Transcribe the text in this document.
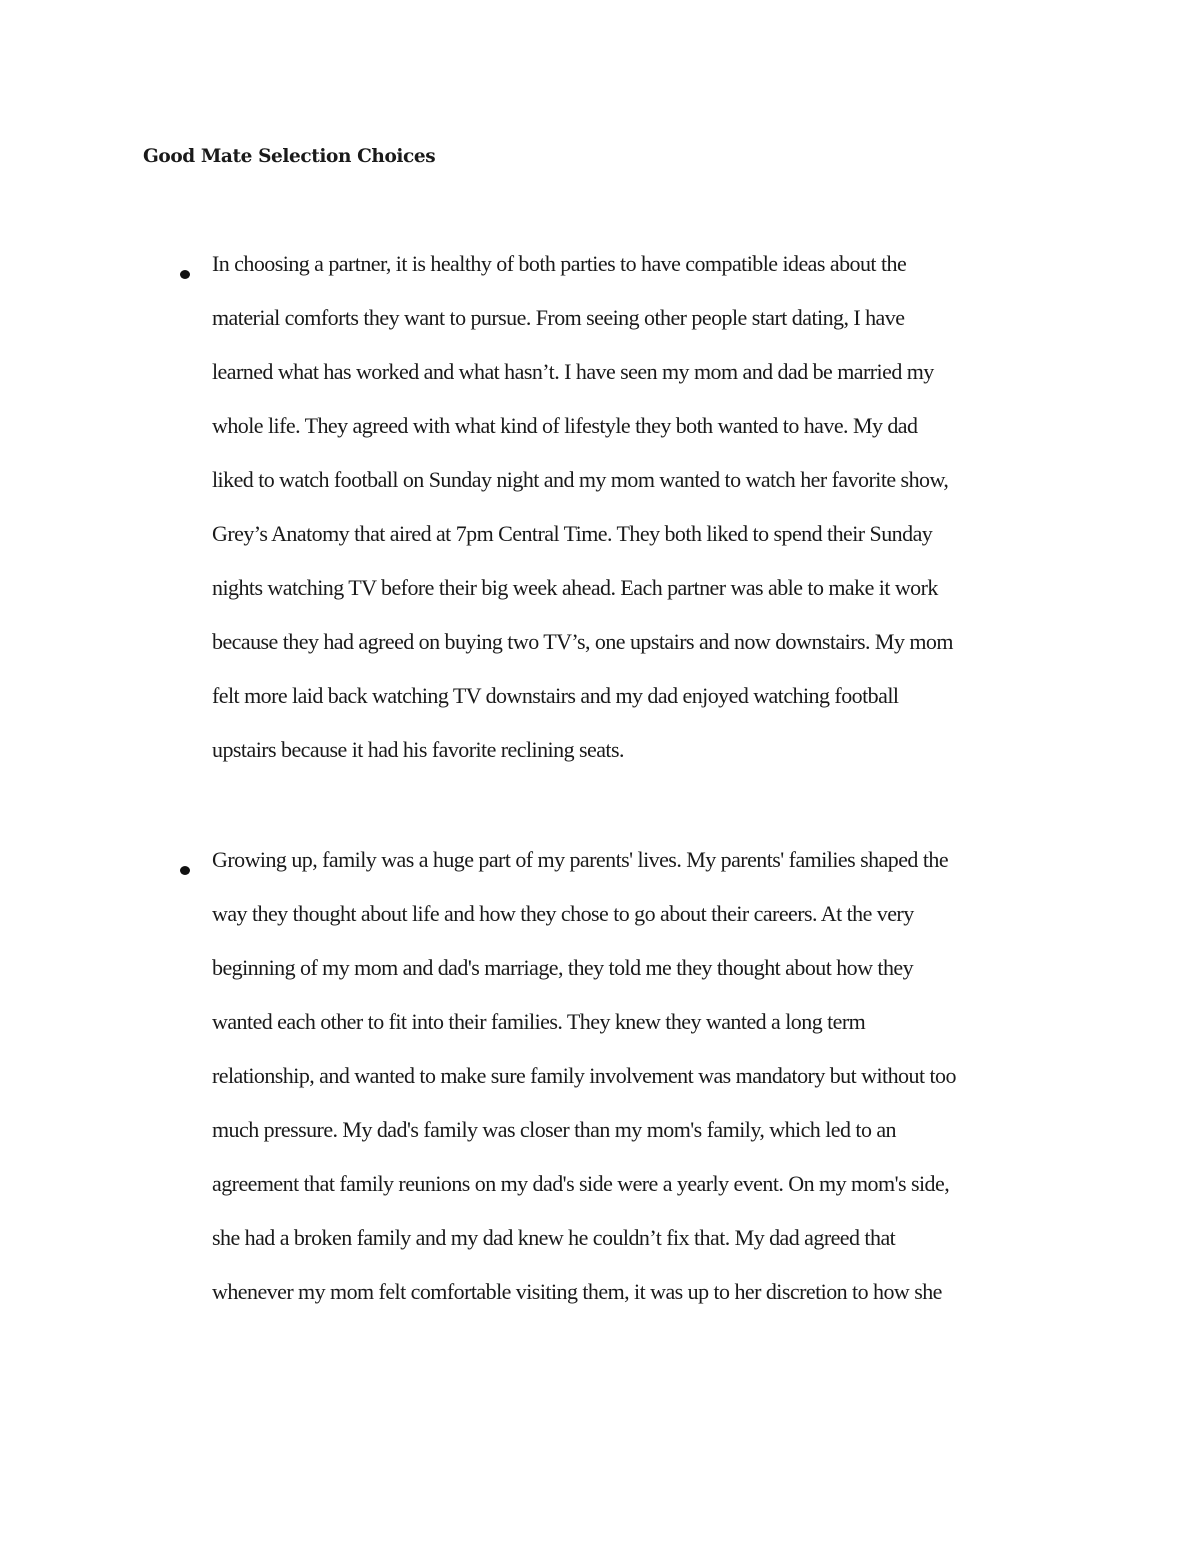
Good Mate Selection Choices

In choosing a partner, it is healthy of both parties to have compatible ideas about the

material comforts they want to pursue. From seeing other people start dating, I have

learned what has worked and what hasn’t. I have seen my mom and dad be married my

whole life. They agreed with what kind of lifestyle they both wanted to have. My dad

liked to watch football on Sunday night and my mom wanted to watch her favorite show,

Grey’s Anatomy that aired at 7pm Central Time. They both liked to spend their Sunday

nights watching TV before their big week ahead. Each partner was able to make it work

because they had agreed on buying two TV’s, one upstairs and now downstairs. My mom

felt more laid back watching TV downstairs and my dad enjoyed watching football

upstairs because it had his favorite reclining seats.

Growing up, family was a huge part of my parents' lives. My parents' families shaped the

way they thought about life and how they chose to go about their careers. At the very

beginning of my mom and dad's marriage, they told me they thought about how they

wanted each other to fit into their families. They knew they wanted a long term

relationship, and wanted to make sure family involvement was mandatory but without too

much pressure. My dad's family was closer than my mom's family, which led to an

agreement that family reunions on my dad's side were a yearly event. On my mom's side,

she had a broken family and my dad knew he couldn’t fix that. My dad agreed that

whenever my mom felt comfortable visiting them, it was up to her discretion to how she
